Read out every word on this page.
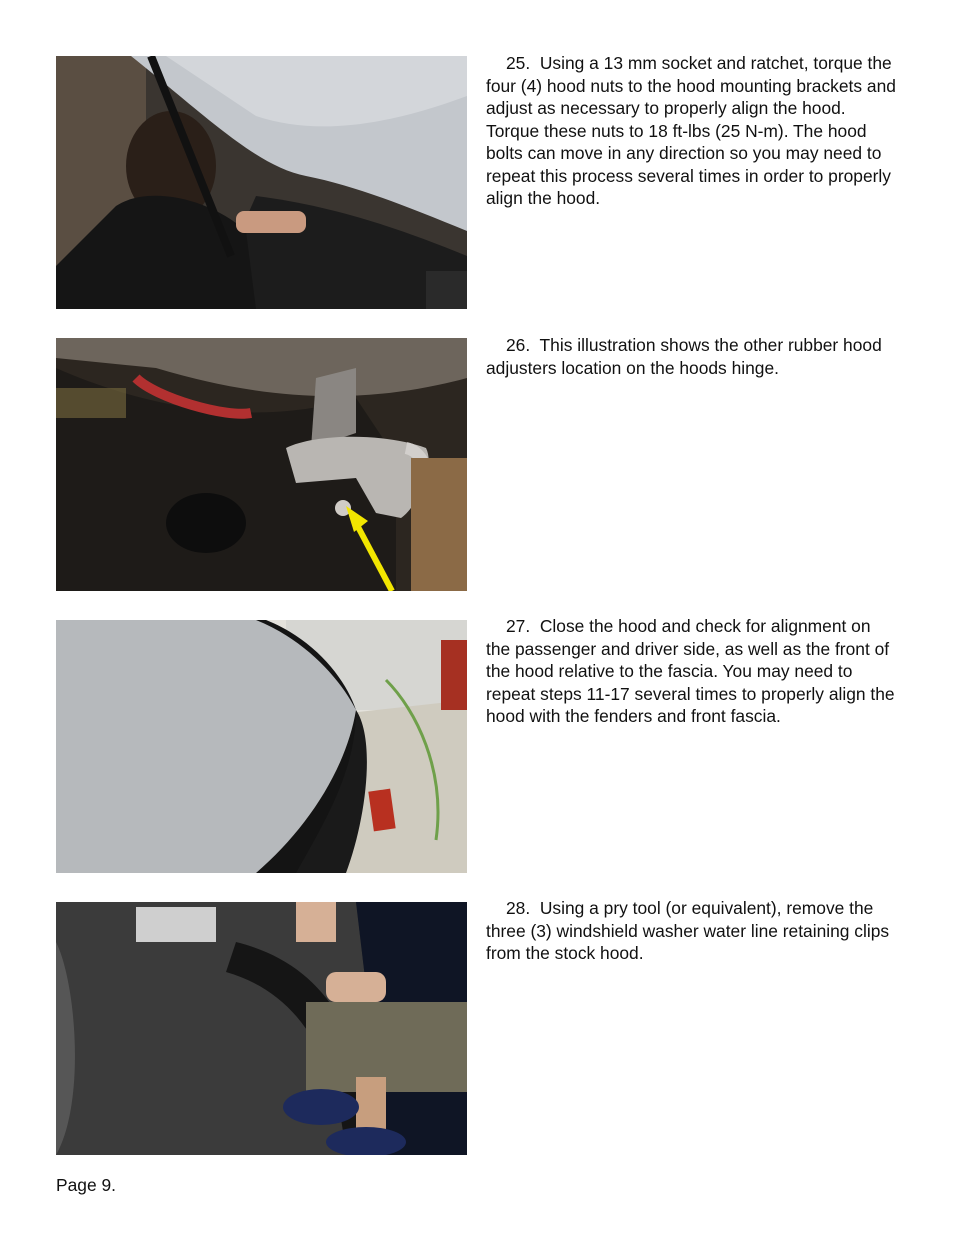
25. Using a 13 mm socket and ratchet, torque the four (4) hood nuts to the hood mounting brackets and adjust as necessary to properly align the hood. Torque these nuts to 18 ft-lbs (25 N-m). The hood bolts can move in any direction so you may need to repeat this process several times in order to properly align the hood.

26. This illustration shows the other rubber hood adjusters location on the hoods hinge.

27. Close the hood and check for alignment on the passenger and driver side, as well as the front of the hood relative to the fascia. You may need to repeat steps 11-17 several times to properly align the hood with the fenders and front fascia.

28. Using a pry tool (or equivalent), remove the three (3) windshield washer water line retaining clips from the stock hood.

Page 9.
